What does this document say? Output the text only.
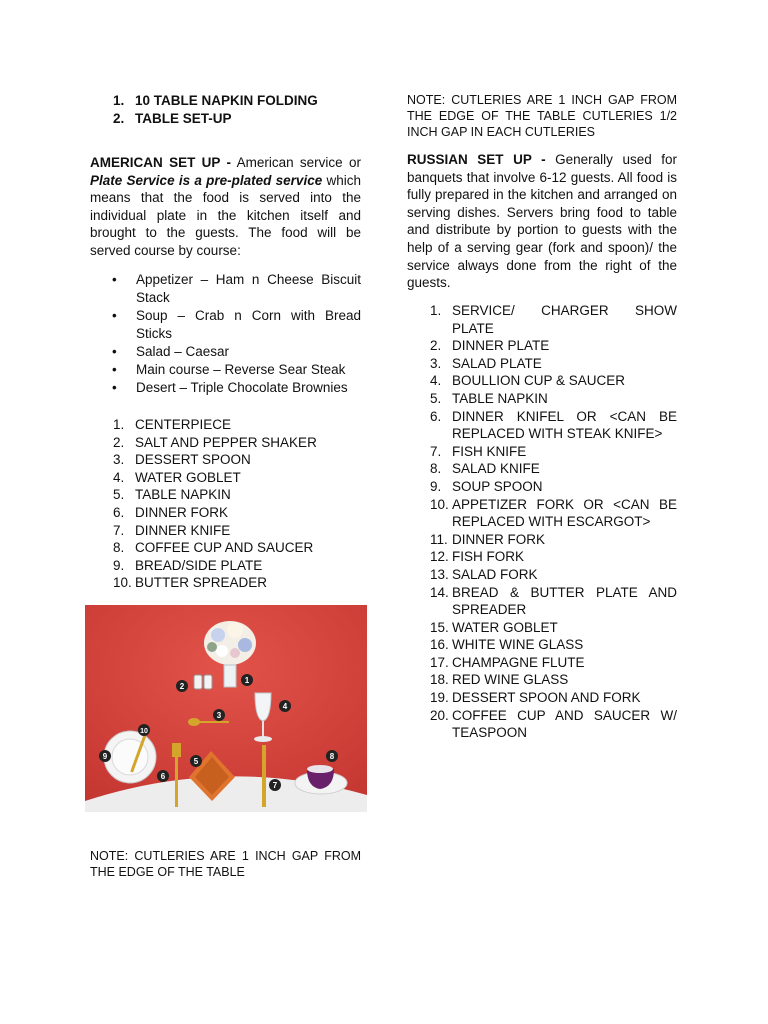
1. 10 TABLE NAPKIN FOLDING
2. TABLE SET-UP

AMERICAN SET UP - American service or Plate Service is a pre-plated service which means that the food is served into the individual plate in the kitchen itself and brought to the guests. The food will be served course by course:

• Appetizer – Ham n Cheese Biscuit Stack
• Soup – Crab n Corn with Bread Sticks
• Salad – Caesar
• Main course – Reverse Sear Steak
• Desert – Triple Chocolate Brownies
1. CENTERPIECE
2. SALT AND PEPPER SHAKER
3. DESSERT SPOON
4. WATER GOBLET
5. TABLE NAPKIN
6. DINNER FORK
7. DINNER KNIFE
8. COFFEE CUP AND SAUCER
9. BREAD/SIDE PLATE
10. BUTTER SPREADER

NOTE: CUTLERIES ARE 1 INCH GAP FROM THE EDGE OF THE TABLE

1
2
3
4
5
6
7
8
9
10

NOTE: CUTLERIES ARE 1 INCH GAP FROM THE EDGE OF THE TABLE CUTLERIES 1/2 INCH GAP IN EACH CUTLERIES

RUSSIAN SET UP - Generally used for banquets that involve 6-12 guests. All food is fully prepared in the kitchen and arranged on serving dishes. Servers bring food to table and distribute by portion to guests with the help of a serving gear (fork and spoon)/ the service always done from the right of the guests.

1. SERVICE/ CHARGER SHOW PLATE
2. DINNER PLATE
3. SALAD PLATE
4. BOULLION CUP & SAUCER
5. TABLE NAPKIN
6. DINNER KNIFEL OR <CAN BE REPLACED WITH STEAK KNIFE>
7. FISH KNIFE
8. SALAD KNIFE
9. SOUP SPOON
10. APPETIZER FORK OR <CAN BE REPLACED WITH ESCARGOT>
11. DINNER FORK
12. FISH FORK
13. SALAD FORK
14. BREAD & BUTTER PLATE AND SPREADER
15. WATER GOBLET
16. WHITE WINE GLASS
17. CHAMPAGNE FLUTE
18. RED WINE GLASS
19. DESSERT SPOON AND FORK
20. COFFEE CUP AND SAUCER W/ TEASPOON
